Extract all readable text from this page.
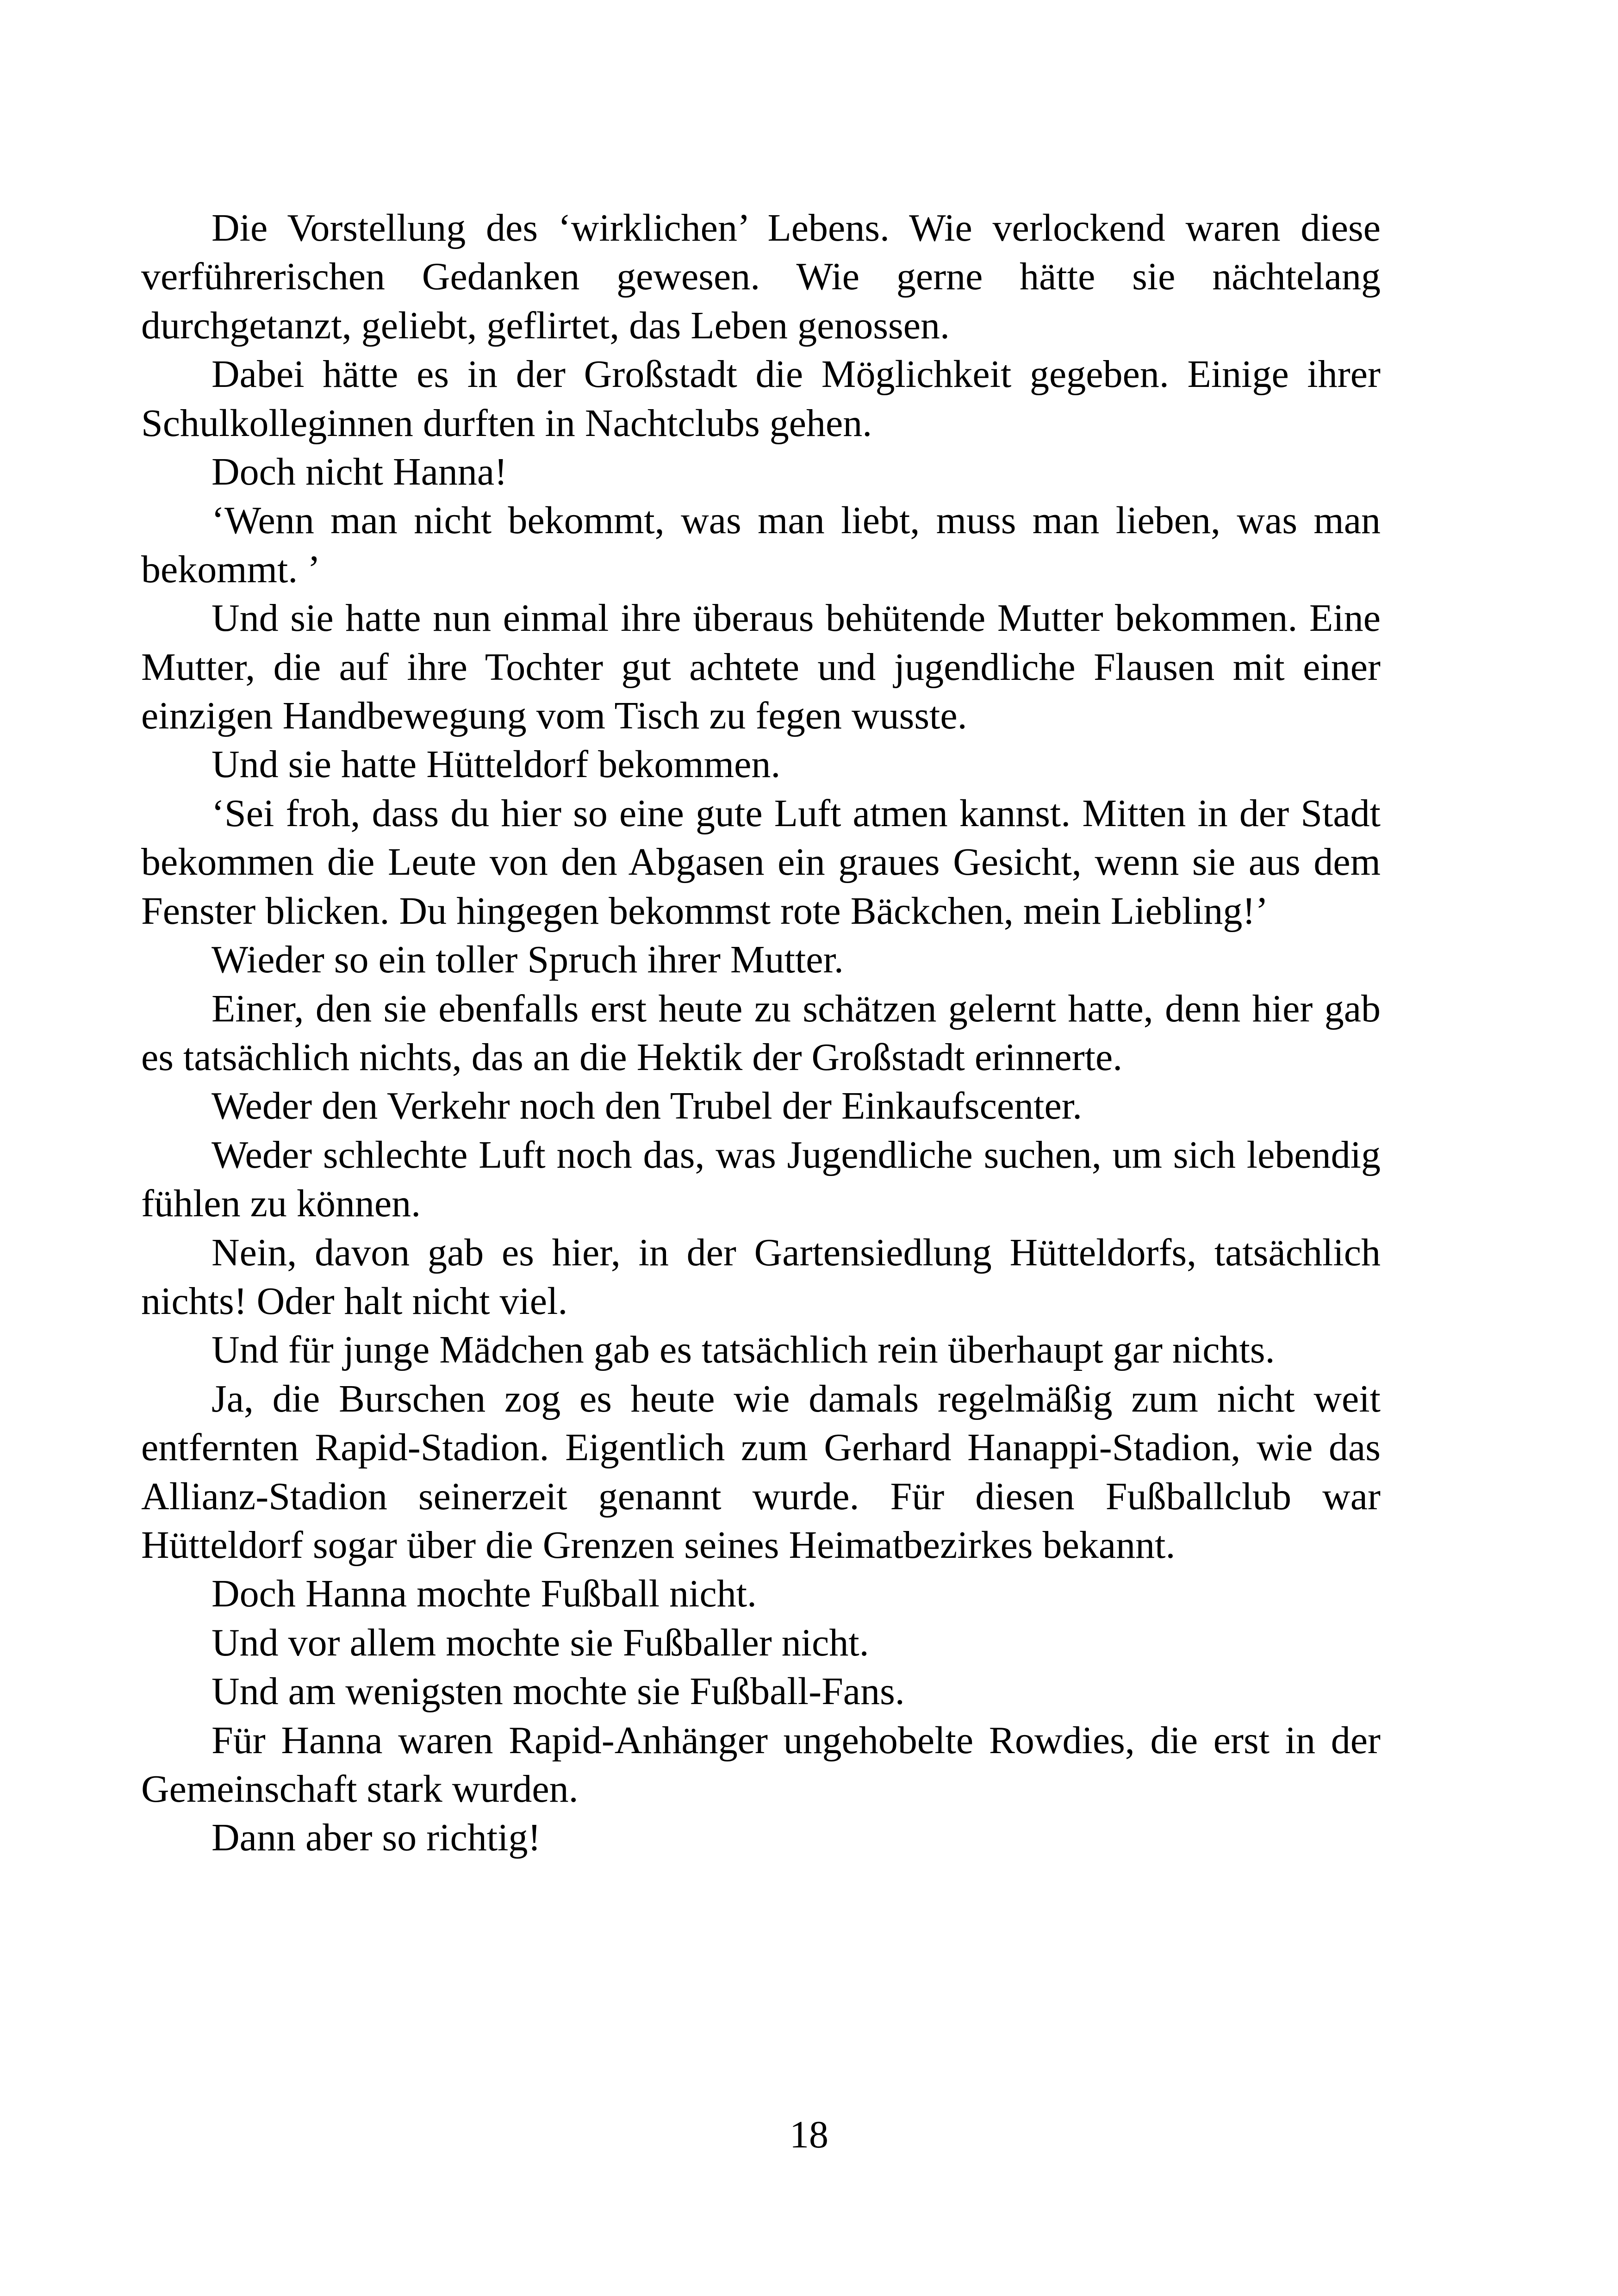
Die Vorstellung des ‘wirklichen’ Lebens. Wie verlockend waren diese verführerischen Gedanken gewesen. Wie gerne hätte sie nächtelang durchgetanzt, geliebt, geflirtet, das Leben genossen.

Dabei hätte es in der Großstadt die Möglichkeit gegeben. Einige ihrer Schulkolleginnen durften in Nachtclubs gehen.

Doch nicht Hanna!

‘Wenn man nicht bekommt, was man liebt, muss man lieben, was man bekommt. ’

Und sie hatte nun einmal ihre überaus behütende Mutter bekommen. Eine Mutter, die auf ihre Tochter gut achtete und jugendliche Flausen mit einer einzigen Handbewegung vom Tisch zu fegen wusste.

Und sie hatte Hütteldorf bekommen.

‘Sei froh, dass du hier so eine gute Luft atmen kannst. Mitten in der Stadt bekommen die Leute von den Abgasen ein graues Gesicht, wenn sie aus dem Fenster blicken. Du hingegen bekommst rote Bäckchen, mein Liebling!’

Wieder so ein toller Spruch ihrer Mutter.

Einer, den sie ebenfalls erst heute zu schätzen gelernt hatte, denn hier gab es tatsächlich nichts, das an die Hektik der Großstadt erinnerte.

Weder den Verkehr noch den Trubel der Einkaufscenter.

Weder schlechte Luft noch das, was Jugendliche suchen, um sich lebendig fühlen zu können.

Nein, davon gab es hier, in der Gartensiedlung Hütteldorfs, tatsächlich nichts! Oder halt nicht viel.

Und für junge Mädchen gab es tatsächlich rein überhaupt gar nichts.

Ja, die Burschen zog es heute wie damals regelmäßig zum nicht weit entfernten Rapid-Stadion. Eigentlich zum Gerhard Hanappi-Stadion, wie das Allianz-Stadion seinerzeit genannt wurde. Für diesen Fußballclub war Hütteldorf sogar über die Grenzen seines Heimatbezirkes bekannt.

Doch Hanna mochte Fußball nicht.

Und vor allem mochte sie Fußballer nicht.

Und am wenigsten mochte sie Fußball-Fans.

Für Hanna waren Rapid-Anhänger ungehobelte Rowdies, die erst in der Gemeinschaft stark wurden.

Dann aber so richtig!

18
